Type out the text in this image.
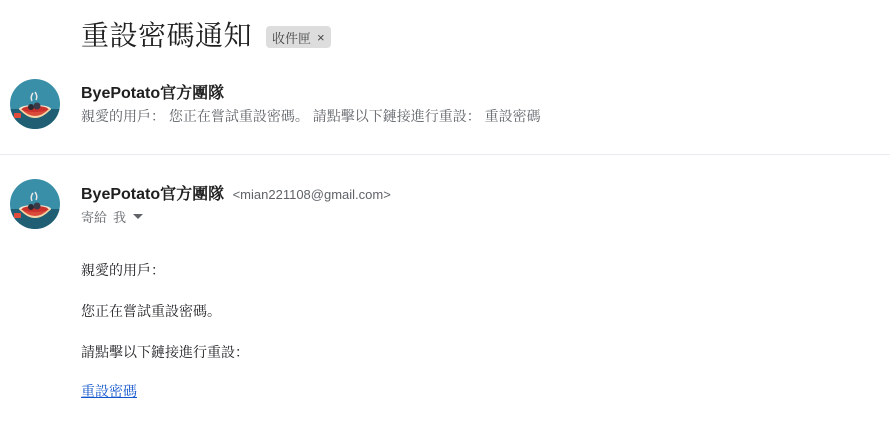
重設密碼通知 收件匣 ×
ByePotato官方團隊
親愛的用戶： 您正在嘗試重設密碼。 請點擊以下鏈接進行重設： 重設密碼
ByePotato官方團隊 <mian221108@gmail.com>
寄給 我
親愛的用戶：
您正在嘗試重設密碼。
請點擊以下鏈接進行重設：
重設密碼
